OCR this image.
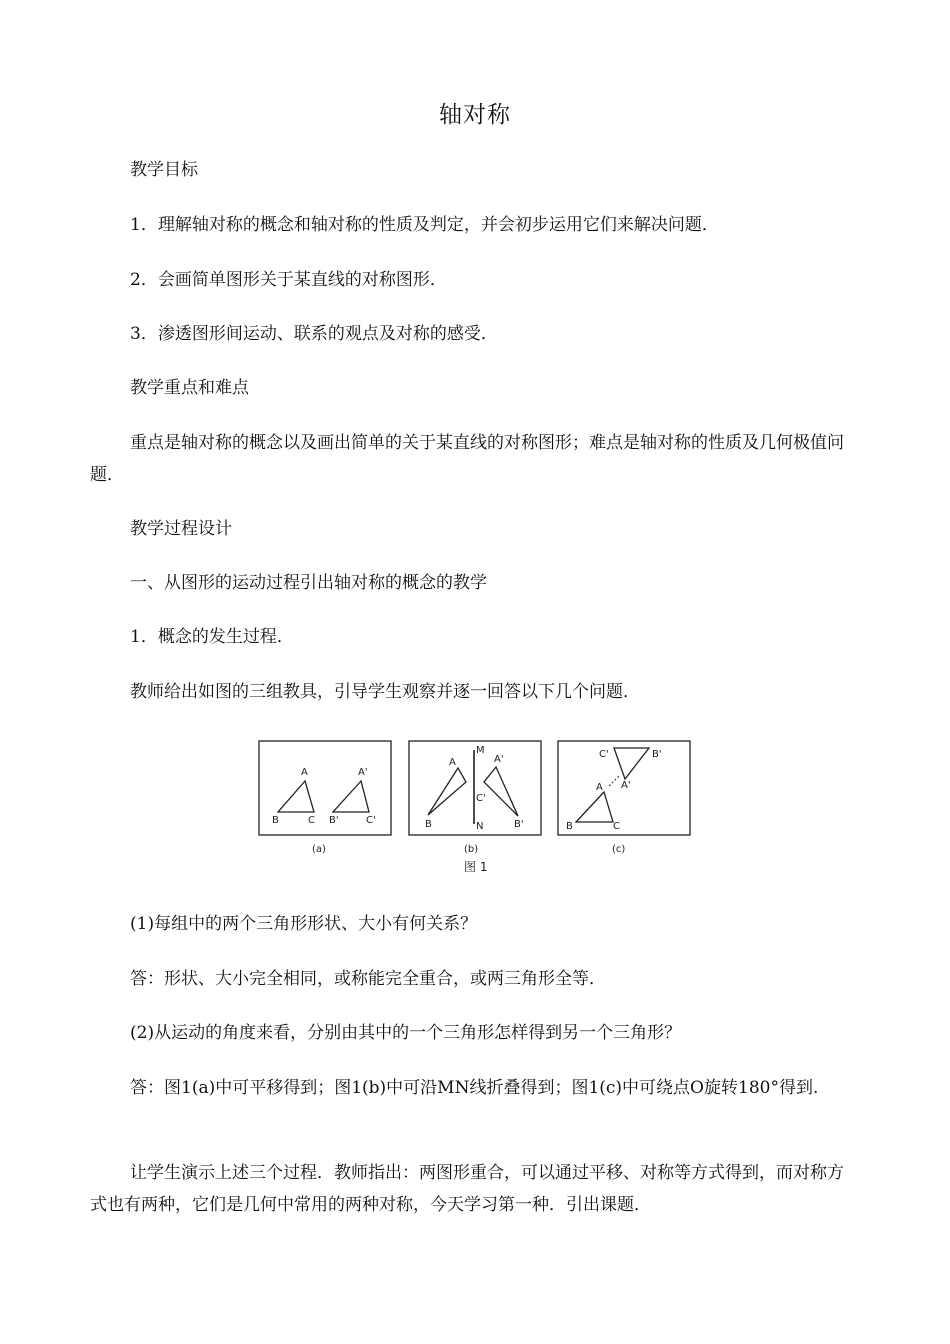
轴对称

教学目标

1．理解轴对称的概念和轴对称的性质及判定，并会初步运用它们来解决问题．

2．会画简单图形关于某直线的对称图形．

3．渗透图形间运动、联系的观点及对称的感受．

教学重点和难点

重点是轴对称的概念以及画出简单的关于某直线的对称图形；难点是轴对称的性质及几何极值问题．

教学过程设计

一、从图形的运动过程引出轴对称的概念的教学

1．概念的发生过程．

教师给出如图的三组教具，引导学生观察并逐一回答以下几个问题．

A
B	C
A'
B'	C'
A
B
M
N
A'
C'
B'
C'	B'
A A'
B	C
(a)	(b)	(c)
图 1

(1)每组中的两个三角形形状、大小有何关系？

答：形状、大小完全相同，或称能完全重合，或两三角形全等．

(2)从运动的角度来看，分别由其中的一个三角形怎样得到另一个三角形？

答：图1(a)中可平移得到；图1(b)中可沿MN线折叠得到；图1(c)中可绕点O旋转180°得到.

让学生演示上述三个过程．教师指出：两图形重合，可以通过平移、对称等方式得到，而对称方式也有两种，它们是几何中常用的两种对称，今天学习第一种．引出课题．
